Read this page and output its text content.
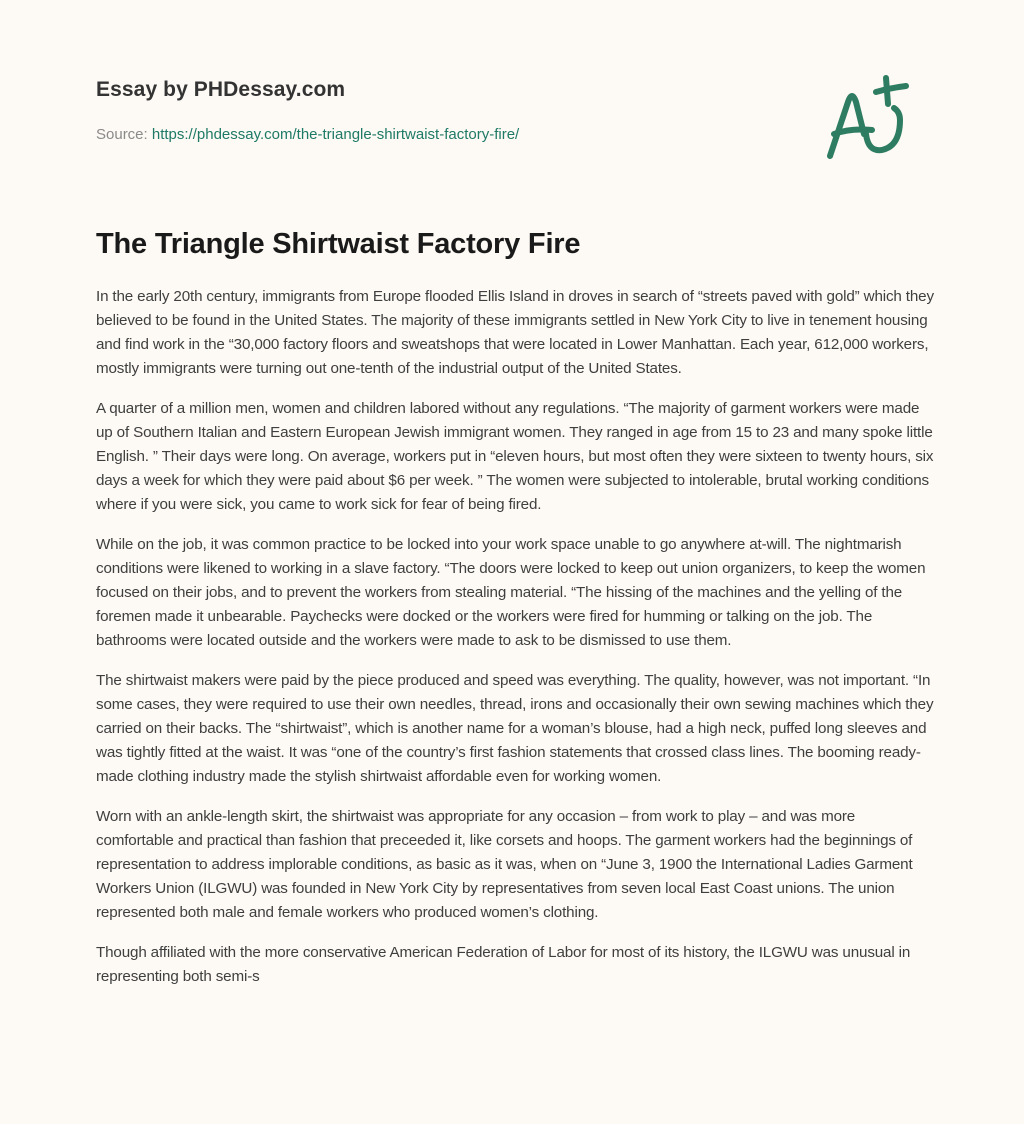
Essay by PHDessay.com
Source: https://phdessay.com/the-triangle-shirtwaist-factory-fire/
The Triangle Shirtwaist Factory Fire

In the early 20th century, immigrants from Europe flooded Ellis Island in droves in search of “streets paved with gold” which they believed to be found in the United States. The majority of these immigrants settled in New York City to live in tenement housing and find work in the “30,000 factory floors and sweatshops that were located in Lower Manhattan. Each year, 612,000 workers, mostly immigrants were turning out one-tenth of the industrial output of the United States.

A quarter of a million men, women and children labored without any regulations. “The majority of garment workers were made up of Southern Italian and Eastern European Jewish immigrant women. They ranged in age from 15 to 23 and many spoke little English. ” Their days were long. On average, workers put in “eleven hours, but most often they were sixteen to twenty hours, six days a week for which they were paid about $6 per week. ” The women were subjected to intolerable, brutal working conditions where if you were sick, you came to work sick for fear of being fired.

While on the job, it was common practice to be locked into your work space unable to go anywhere at-will. The nightmarish conditions were likened to working in a slave factory. “The doors were locked to keep out union organizers, to keep the women focused on their jobs, and to prevent the workers from stealing material. “The hissing of the machines and the yelling of the foremen made it unbearable. Paychecks were docked or the workers were fired for humming or talking on the job. The bathrooms were located outside and the workers were made to ask to be dismissed to use them.

The shirtwaist makers were paid by the piece produced and speed was everything. The quality, however, was not important. “In some cases, they were required to use their own needles, thread, irons and occasionally their own sewing machines which they carried on their backs. The “shirtwaist”, which is another name for a woman’s blouse, had a high neck, puffed long sleeves and was tightly fitted at the waist. It was “one of the country’s first fashion statements that crossed class lines. The booming ready-made clothing industry made the stylish shirtwaist affordable even for working women.

Worn with an ankle-length skirt, the shirtwaist was appropriate for any occasion – from work to play – and was more comfortable and practical than fashion that preceeded it, like corsets and hoops. The garment workers had the beginnings of representation to address implorable conditions, as basic as it was, when on “June 3, 1900 the International Ladies Garment Workers Union (ILGWU) was founded in New York City by representatives from seven local East Coast unions. The union represented both male and female workers who produced women’s clothing.

Though affiliated with the more conservative American Federation of Labor for most of its history, the ILGWU was unusual in representing both semi-s
